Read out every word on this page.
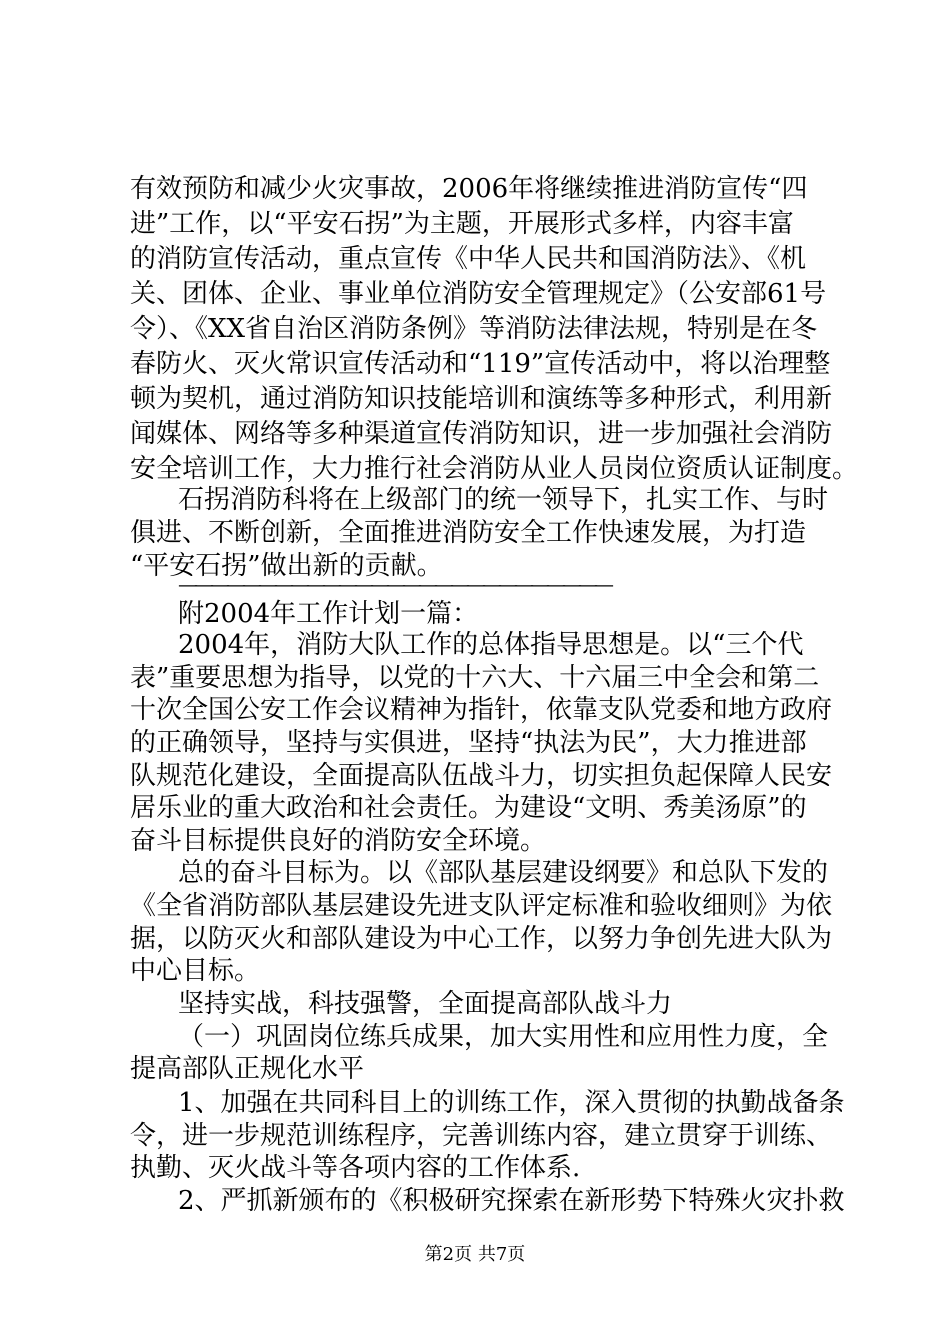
有效预防和减少火灾事故，2006年将继续推进消防宣传“四

进”工作，以“平安石拐”为主题，开展形式多样，内容丰富

的消防宣传活动，重点宣传《中华人民共和国消防法》、《机

关、团体、企业、事业单位消防安全管理规定》（公安部61号

令）、《XX省自治区消防条例》等消防法律法规，特别是在冬

春防火、灭火常识宣传活动和“119”宣传活动中，将以治理整

顿为契机，通过消防知识技能培训和演练等多种形式，利用新

闻媒体、网络等多种渠道宣传消防知识，进一步加强社会消防

安全培训工作，大力推行社会消防从业人员岗位资质认证制度。

石拐消防科将在上级部门的统一领导下，扎实工作、与时

俱进、不断创新，全面推进消防安全工作快速发展，为打造

“平安石拐”做出新的贡献。

———————————————————————————

附2004年工作计划一篇：

2004年，消防大队工作的总体指导思想是。以“三个代

表”重要思想为指导，以党的十六大、十六届三中全会和第二

十次全国公安工作会议精神为指针，依靠支队党委和地方政府

的正确领导，坚持与实俱进，坚持“执法为民”，大力推进部

队规范化建设，全面提高队伍战斗力，切实担负起保障人民安

居乐业的重大政治和社会责任。为建设“文明、秀美汤原”的

奋斗目标提供良好的消防安全环境。

总的奋斗目标为。以《部队基层建设纲要》和总队下发的

《全省消防部队基层建设先进支队评定标准和验收细则》为依

据，以防灭火和部队建设为中心工作，以努力争创先进大队为

中心目标。

坚持实战，科技强警，全面提高部队战斗力

（一）巩固岗位练兵成果，加大实用性和应用性力度，全

提高部队正规化水平

1、加强在共同科目上的训练工作，深入贯彻的执勤战备条

令，进一步规范训练程序，完善训练内容，建立贯穿于训练、

执勤、灭火战斗等各项内容的工作体系.

2、严抓新颁布的《积极研究探索在新形势下特殊火灾扑救

第2页 共7页
